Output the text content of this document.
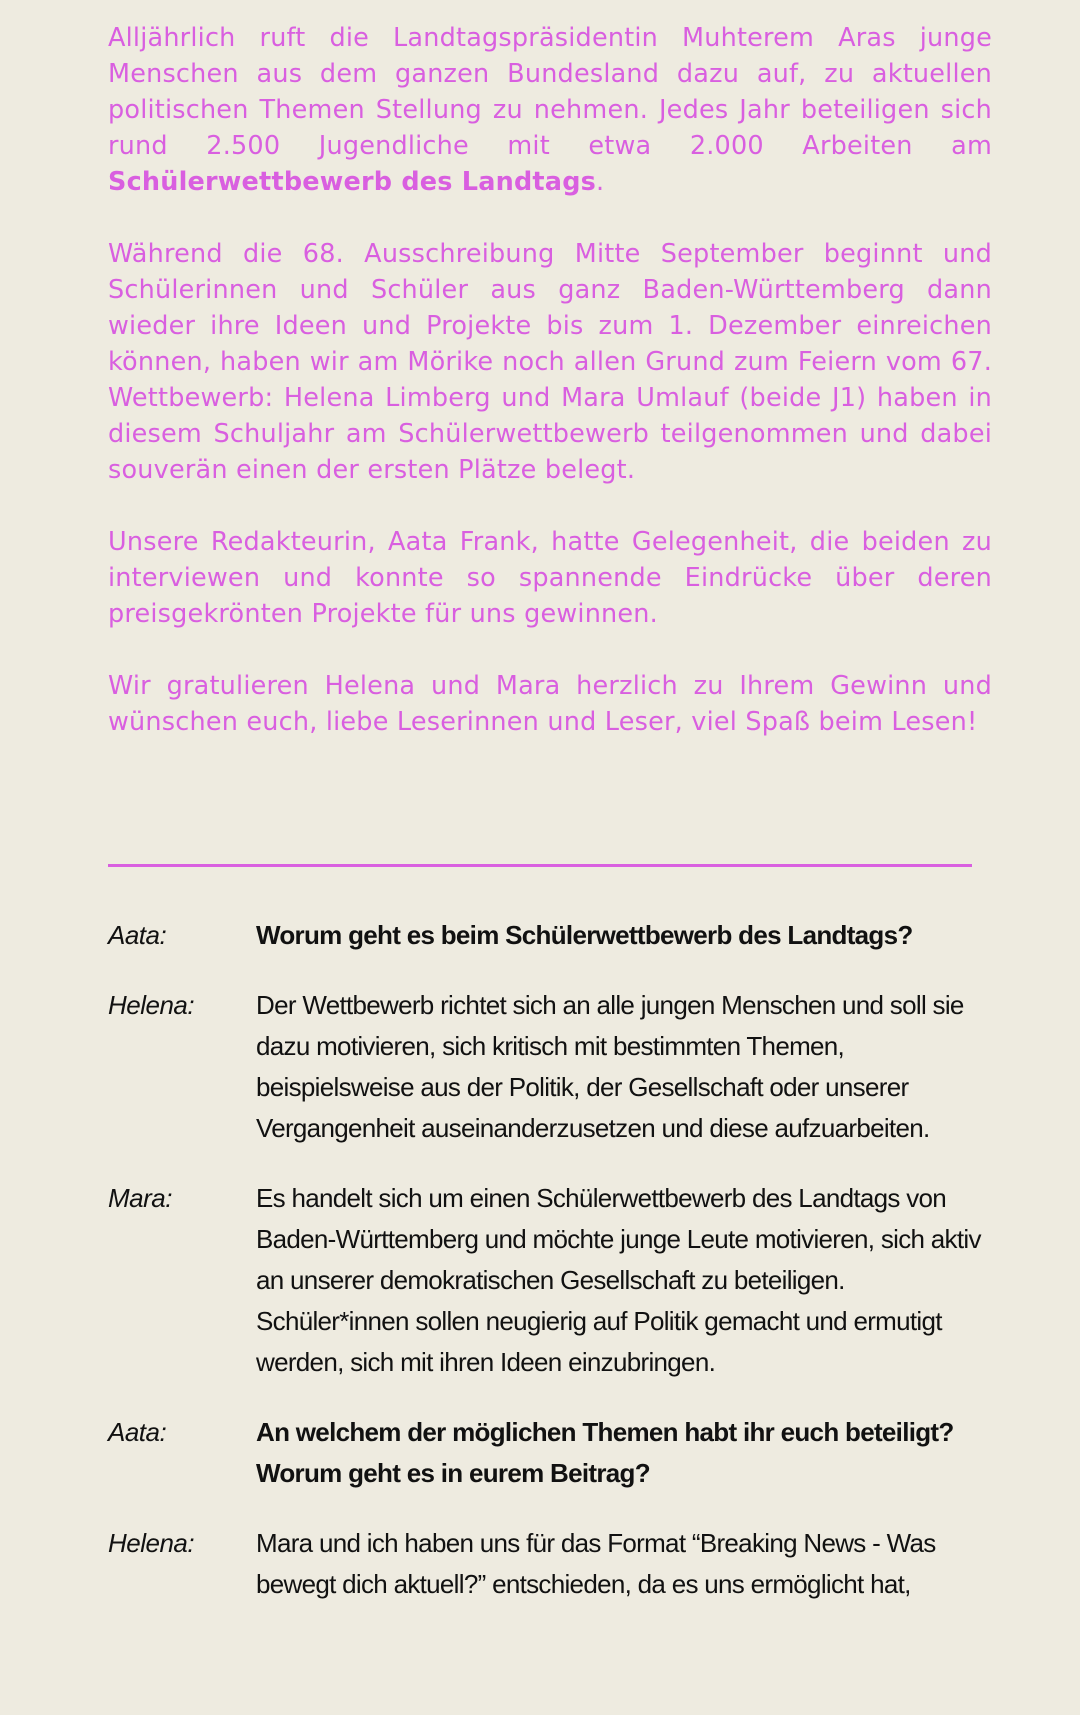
Alljährlich ruft die Landtagspräsidentin Muhterem Aras junge Menschen aus dem ganzen Bundesland dazu auf, zu aktuellen politischen Themen Stellung zu nehmen. Jedes Jahr beteiligen sich rund 2.500 Jugendliche mit etwa 2.000 Arbeiten am Schülerwettbewerb des Landtags.

Während die 68. Ausschreibung Mitte September beginnt und Schülerinnen und Schüler aus ganz Baden-Württemberg dann wieder ihre Ideen und Projekte bis zum 1. Dezember einreichen können, haben wir am Mörike noch allen Grund zum Feiern vom 67. Wettbewerb: Helena Limberg und Mara Umlauf (beide J1) haben in diesem Schuljahr am Schülerwettbewerb teilgenommen und dabei souverän einen der ersten Plätze belegt.

Unsere Redakteurin, Aata Frank, hatte Gelegenheit, die beiden zu interviewen und konnte so spannende Eindrücke über deren preisgekrönten Projekte für uns gewinnen.

Wir gratulieren Helena und Mara herzlich zu Ihrem Gewinn und wünschen euch, liebe Leserinnen und Leser, viel Spaß beim Lesen!

Aata:	Worum geht es beim Schülerwettbewerb des Landtags?
Helena:	Der Wettbewerb richtet sich an alle jungen Menschen und soll sie dazu motivieren, sich kritisch mit bestimmten Themen, beispielsweise aus der Politik, der Gesellschaft oder unserer Vergangenheit auseinanderzusetzen und diese aufzuarbeiten.
Mara:	Es handelt sich um einen Schülerwettbewerb des Landtags von Baden-Württemberg und möchte junge Leute motivieren, sich aktiv an unserer demokratischen Gesellschaft zu beteiligen. Schüler*innen sollen neugierig auf Politik gemacht und ermutigt werden, sich mit ihren Ideen einzubringen.
Aata:	An welchem der möglichen Themen habt ihr euch beteiligt? Worum geht es in eurem Beitrag?
Helena:	Mara und ich haben uns für das Format “Breaking News - Was bewegt dich aktuell?” entschieden, da es uns ermöglicht hat,
